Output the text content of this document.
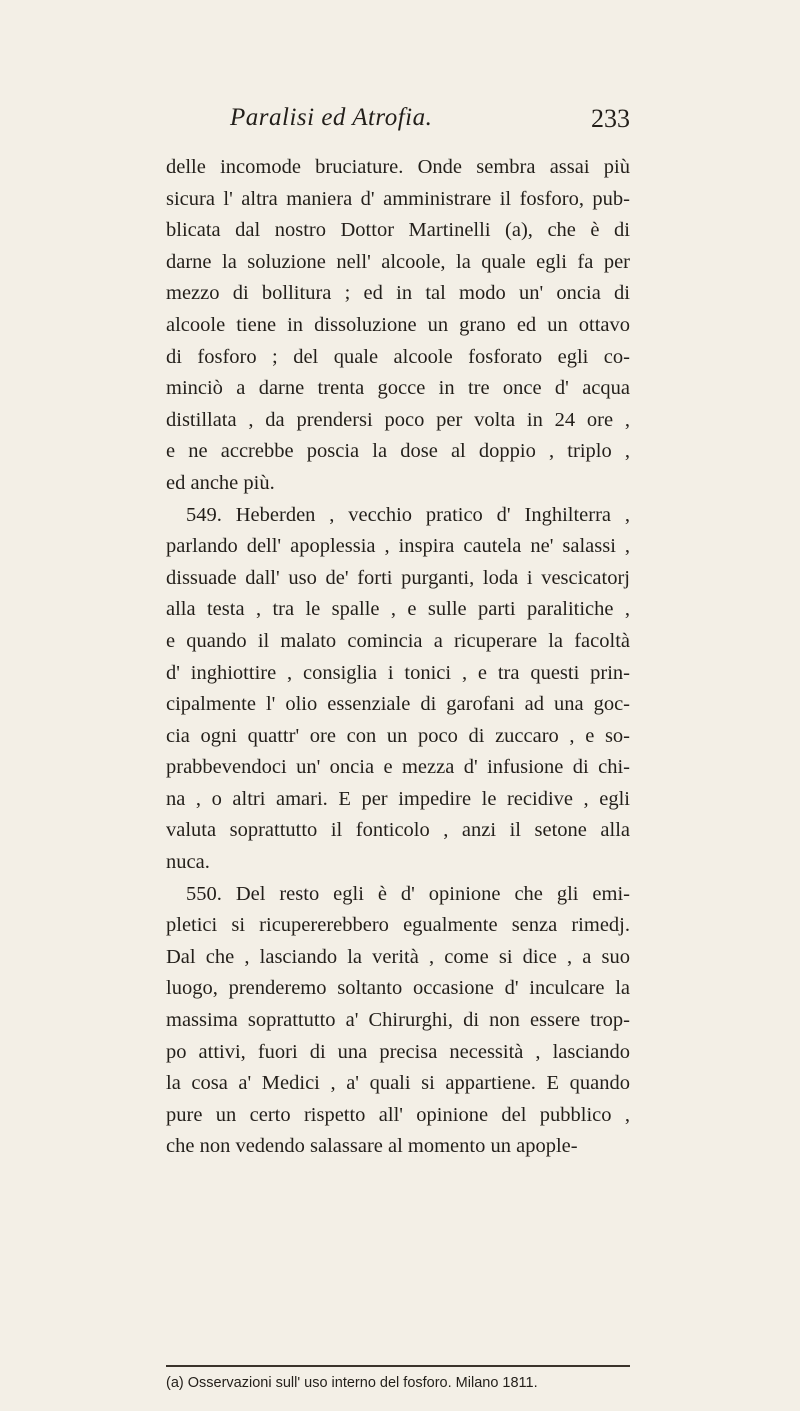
Paralisi ed Atrofia.	233
delle incomode bruciature. Onde sembra assai più
sicura l' altra maniera d' amministrare il fosforo, pub-
blicata dal nostro Dottor Martinelli (a), che è di
darne la soluzione nell' alcoole, la quale egli fa per
mezzo di bollitura ; ed in tal modo un' oncia di
alcoole tiene in dissoluzione un grano ed un ottavo
di fosforo ; del quale alcoole fosforato egli co-
minciò a darne trenta gocce in tre once d' acqua
distillata , da prendersi poco per volta in 24 ore ,
e ne accrebbe poscia la dose al doppio , triplo ,
ed anche più.
549. Heberden , vecchio pratico d' Inghilterra ,
parlando dell' apoplessia , inspira cautela ne' salassi ,
dissuade dall' uso de' forti purganti, loda i vescicatorj
alla testa , tra le spalle , e sulle parti paralitiche ,
e quando il malato comincia a ricuperare la facoltà
d' inghiottire , consiglia i tonici , e tra questi prin-
cipalmente l' olio essenziale di garofani ad una goc-
cia ogni quattr' ore con un poco di zuccaro , e so-
prabbevendoci un' oncia e mezza d' infusione di chi-
na , o altri amari. E per impedire le recidive , egli
valuta soprattutto il fonticolo , anzi il setone alla
nuca.
550. Del resto egli è d' opinione che gli emi-
pletici si ricupererebbero egualmente senza rimedj.
Dal che , lasciando la verità , come si dice , a suo
luogo, prenderemo soltanto occasione d' inculcare la
massima soprattutto a' Chirurghi, di non essere trop-
po attivi, fuori di una precisa necessità , lasciando
la cosa a' Medici , a' quali si appartiene. E quando
pure un certo rispetto all' opinione del pubblico ,
che non vedendo salassare al momento un apople-
(a) Osservazioni sull' uso interno del fosforo. Milano 1811.
